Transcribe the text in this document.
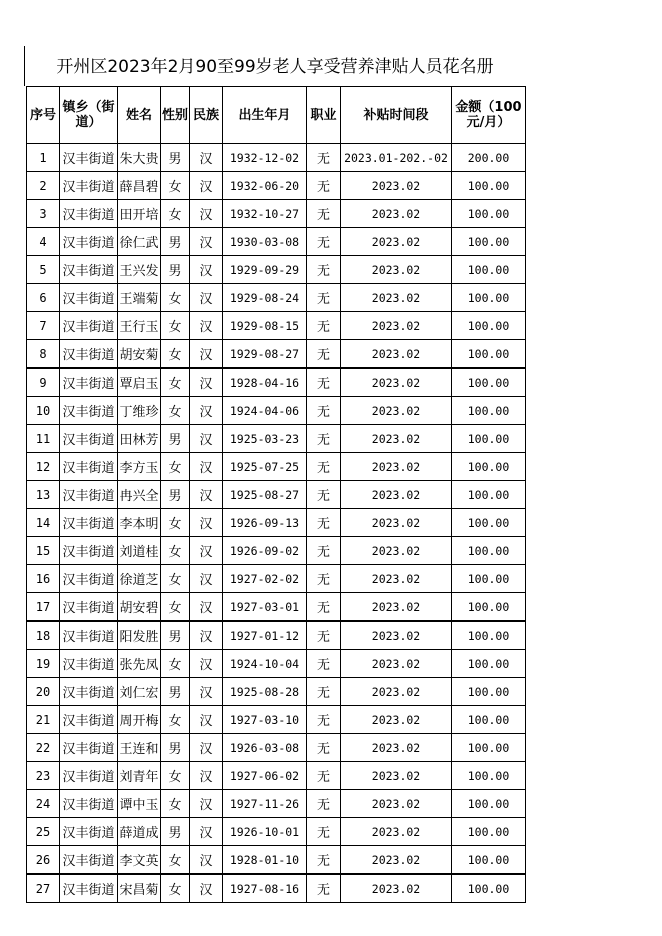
开州区2023年2月90至99岁老人享受营养津贴人员花名册
序号	镇乡（街道）	姓名	性别	民族	出生年月	职业	补贴时间段	金额（100元/月）
1	汉丰街道	朱大贵	男	汉	1932-12-02	无	2023.01-202.-02	200.00
2	汉丰街道	薛昌碧	女	汉	1932-06-20	无	2023.02	100.00
3	汉丰街道	田开培	女	汉	1932-10-27	无	2023.02	100.00
4	汉丰街道	徐仁武	男	汉	1930-03-08	无	2023.02	100.00
5	汉丰街道	王兴发	男	汉	1929-09-29	无	2023.02	100.00
6	汉丰街道	王端菊	女	汉	1929-08-24	无	2023.02	100.00
7	汉丰街道	王行玉	女	汉	1929-08-15	无	2023.02	100.00
8	汉丰街道	胡安菊	女	汉	1929-08-27	无	2023.02	100.00
9	汉丰街道	覃启玉	女	汉	1928-04-16	无	2023.02	100.00
10	汉丰街道	丁维珍	女	汉	1924-04-06	无	2023.02	100.00
11	汉丰街道	田林芳	男	汉	1925-03-23	无	2023.02	100.00
12	汉丰街道	李方玉	女	汉	1925-07-25	无	2023.02	100.00
13	汉丰街道	冉兴全	男	汉	1925-08-27	无	2023.02	100.00
14	汉丰街道	李本明	女	汉	1926-09-13	无	2023.02	100.00
15	汉丰街道	刘道桂	女	汉	1926-09-02	无	2023.02	100.00
16	汉丰街道	徐道芝	女	汉	1927-02-02	无	2023.02	100.00
17	汉丰街道	胡安碧	女	汉	1927-03-01	无	2023.02	100.00
18	汉丰街道	阳发胜	男	汉	1927-01-12	无	2023.02	100.00
19	汉丰街道	张先凤	女	汉	1924-10-04	无	2023.02	100.00
20	汉丰街道	刘仁宏	男	汉	1925-08-28	无	2023.02	100.00
21	汉丰街道	周开梅	女	汉	1927-03-10	无	2023.02	100.00
22	汉丰街道	王连和	男	汉	1926-03-08	无	2023.02	100.00
23	汉丰街道	刘青年	女	汉	1927-06-02	无	2023.02	100.00
24	汉丰街道	谭中玉	女	汉	1927-11-26	无	2023.02	100.00
25	汉丰街道	薛道成	男	汉	1926-10-01	无	2023.02	100.00
26	汉丰街道	李文英	女	汉	1928-01-10	无	2023.02	100.00
27	汉丰街道	宋昌菊	女	汉	1927-08-16	无	2023.02	100.00
